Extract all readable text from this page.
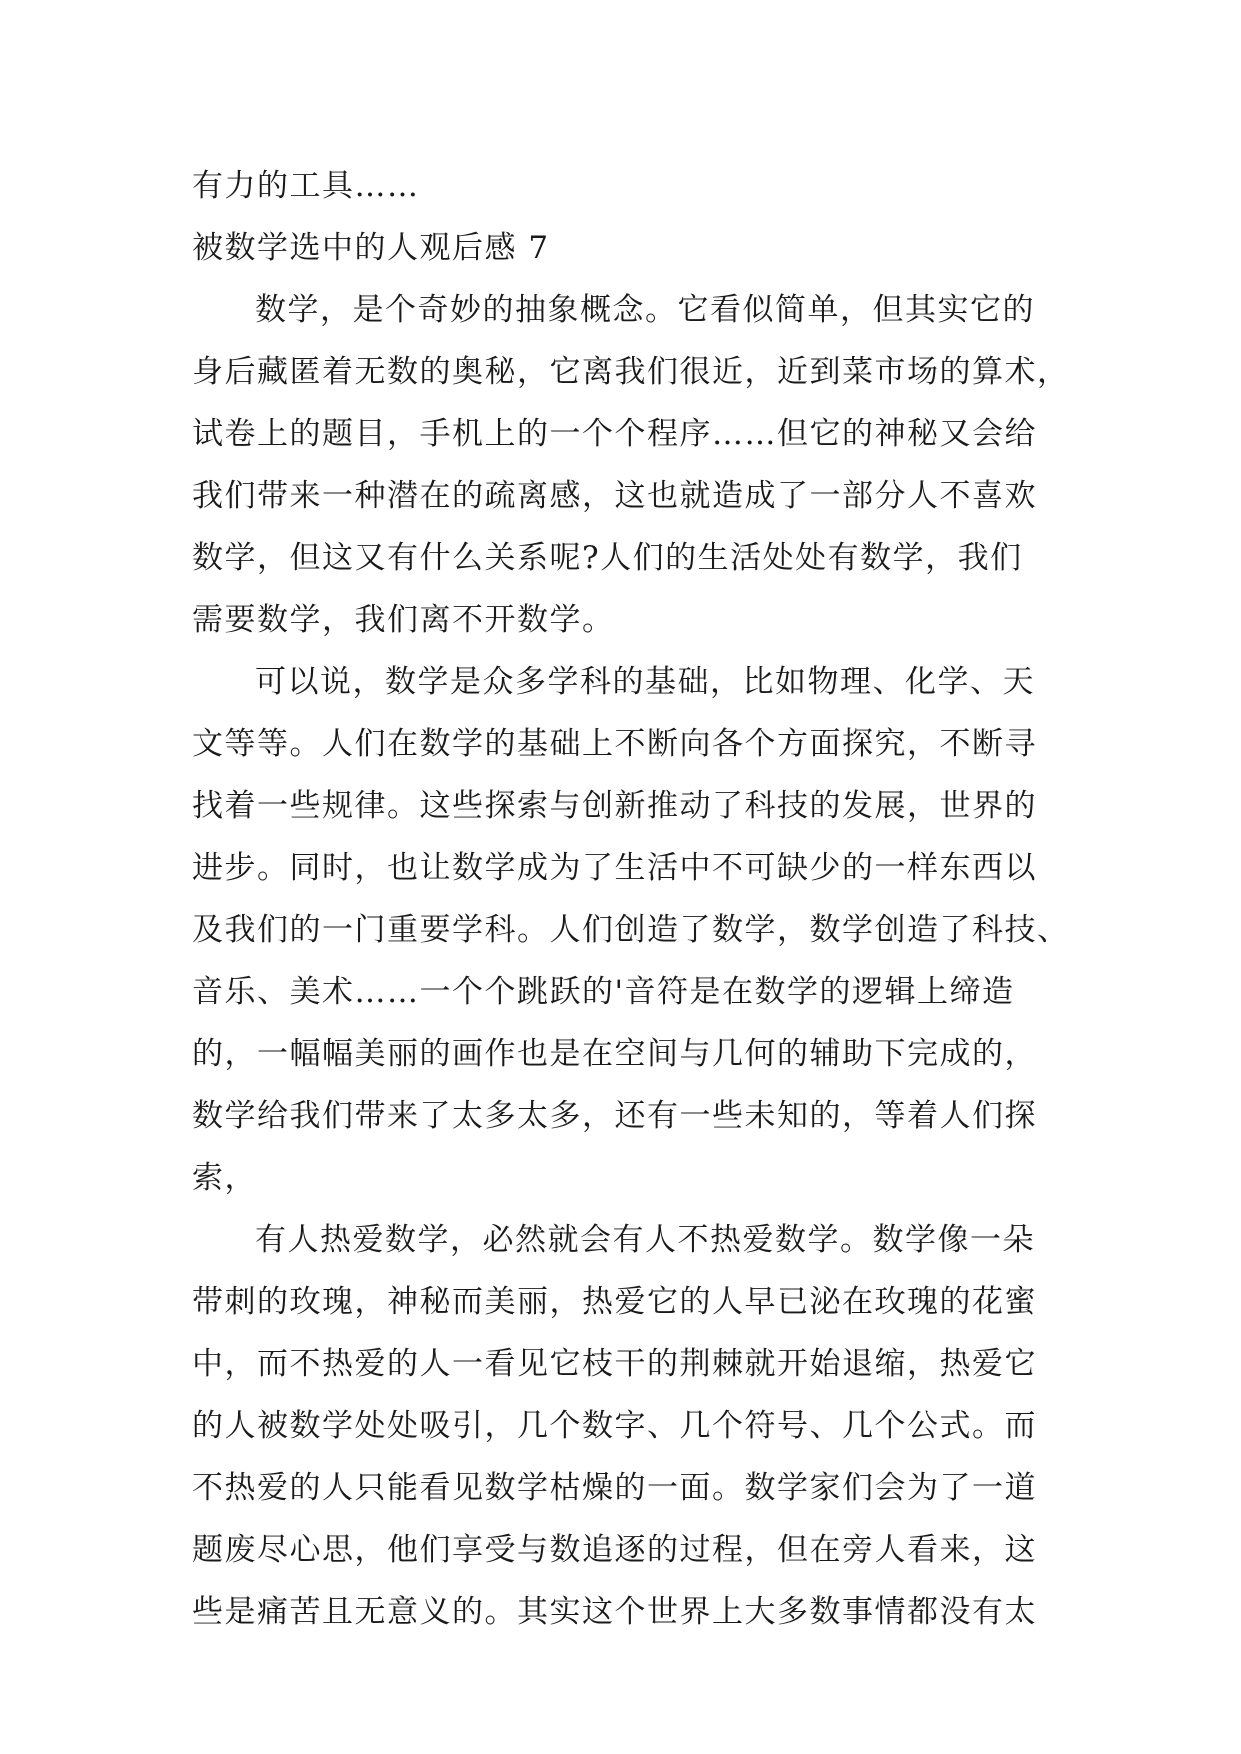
有力的工具……
被数学选中的人观后感 7
数学，是个奇妙的抽象概念。它看似简单，但其实它的
身后藏匿着无数的奥秘，它离我们很近，近到菜市场的算术，
试卷上的题目，手机上的一个个程序……但它的神秘又会给
我们带来一种潜在的疏离感，这也就造成了一部分人不喜欢
数学，但这又有什么关系呢?人们的生活处处有数学，我们
需要数学，我们离不开数学。
可以说，数学是众多学科的基础，比如物理、化学、天
文等等。人们在数学的基础上不断向各个方面探究，不断寻
找着一些规律。这些探索与创新推动了科技的发展，世界的
进步。同时，也让数学成为了生活中不可缺少的一样东西以
及我们的一门重要学科。人们创造了数学，数学创造了科技、
音乐、美术……一个个跳跃的'音符是在数学的逻辑上缔造
的，一幅幅美丽的画作也是在空间与几何的辅助下完成的，
数学给我们带来了太多太多，还有一些未知的，等着人们探
索，
有人热爱数学，必然就会有人不热爱数学。数学像一朵
带刺的玫瑰，神秘而美丽，热爱它的人早已泌在玫瑰的花蜜
中，而不热爱的人一看见它枝干的荆棘就开始退缩，热爱它
的人被数学处处吸引，几个数字、几个符号、几个公式。而
不热爱的人只能看见数学枯燥的一面。数学家们会为了一道
题废尽心思，他们享受与数追逐的过程，但在旁人看来，这
些是痛苦且无意义的。其实这个世界上大多数事情都没有太
